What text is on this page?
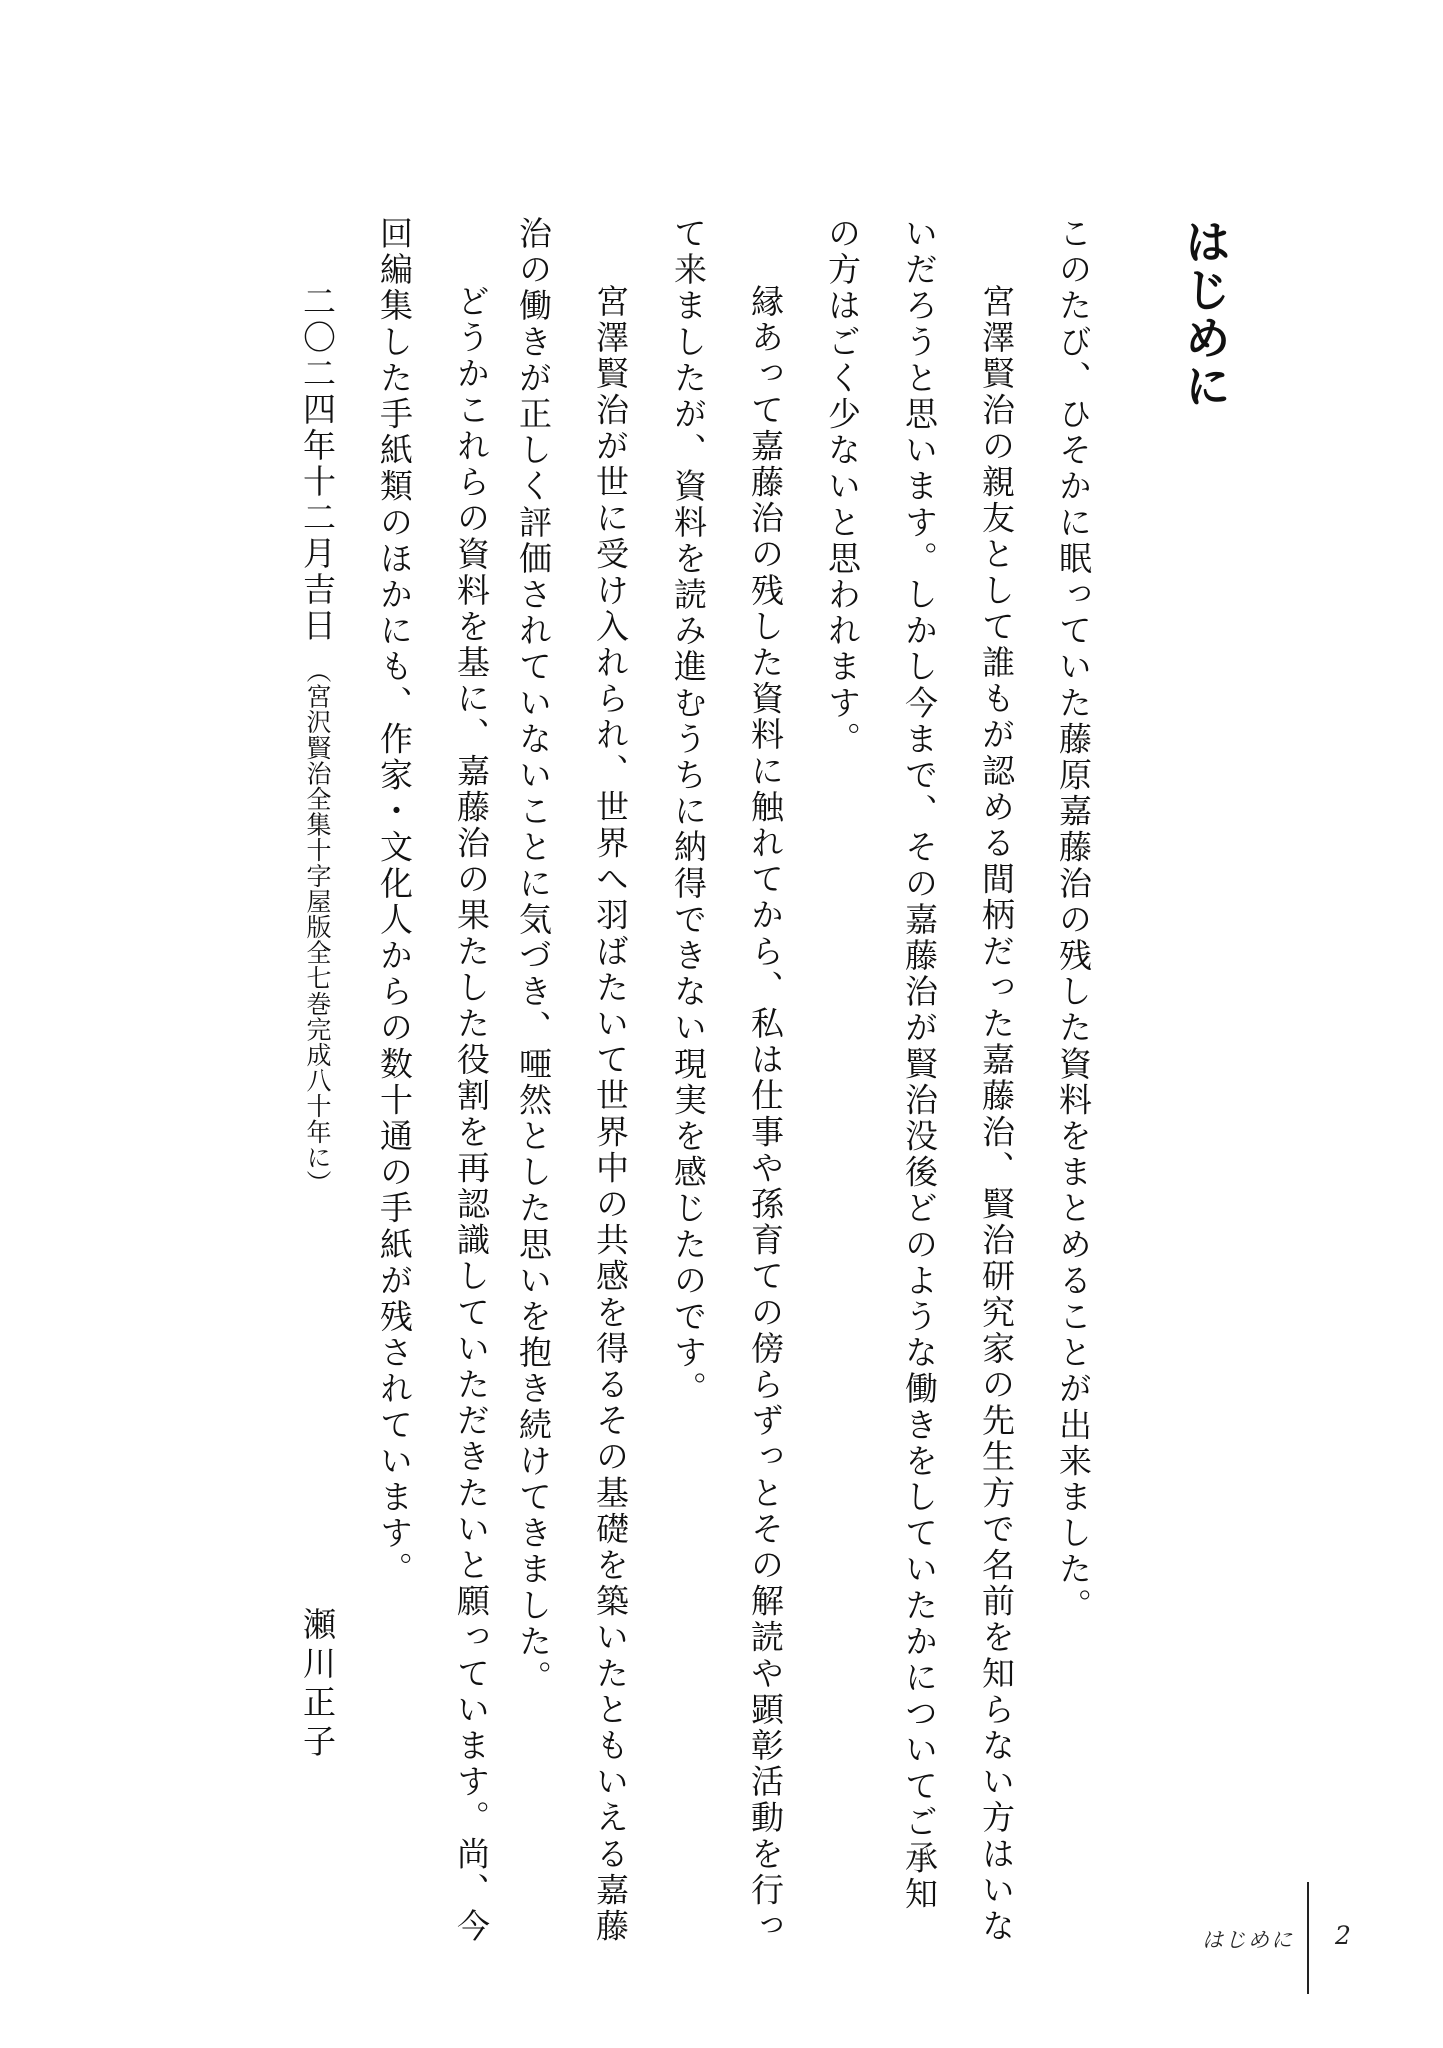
はじめに
このたび、ひそかに眠っていた藤原嘉藤治の残した資料をまとめることが出来ました。
宮澤賢治の親友として誰もが認める間柄だった嘉藤治、賢治研究家の先生方で名前を知らない方はいな
いだろうと思います。しかし今まで、その嘉藤治が賢治没後どのような働きをしていたかについてご承知
の方はごく少ないと思われます。
縁あって嘉藤治の残した資料に触れてから、私は仕事や孫育ての傍らずっとその解読や顕彰活動を行っ
て来ましたが、資料を読み進むうちに納得できない現実を感じたのです。
宮澤賢治が世に受け入れられ、世界へ羽ばたいて世界中の共感を得るその基礎を築いたともいえる嘉藤
治の働きが正しく評価されていないことに気づき、唖然とした思いを抱き続けてきました。
どうかこれらの資料を基に、嘉藤治の果たした役割を再認識していただきたいと願っています。尚、今
回編集した手紙類のほかにも、作家・文化人からの数十通の手紙が残されています。
二〇二四年十二月吉日（宮沢賢治全集十字屋版全七巻完成八十年に）
瀬川正子
はじめに 2
